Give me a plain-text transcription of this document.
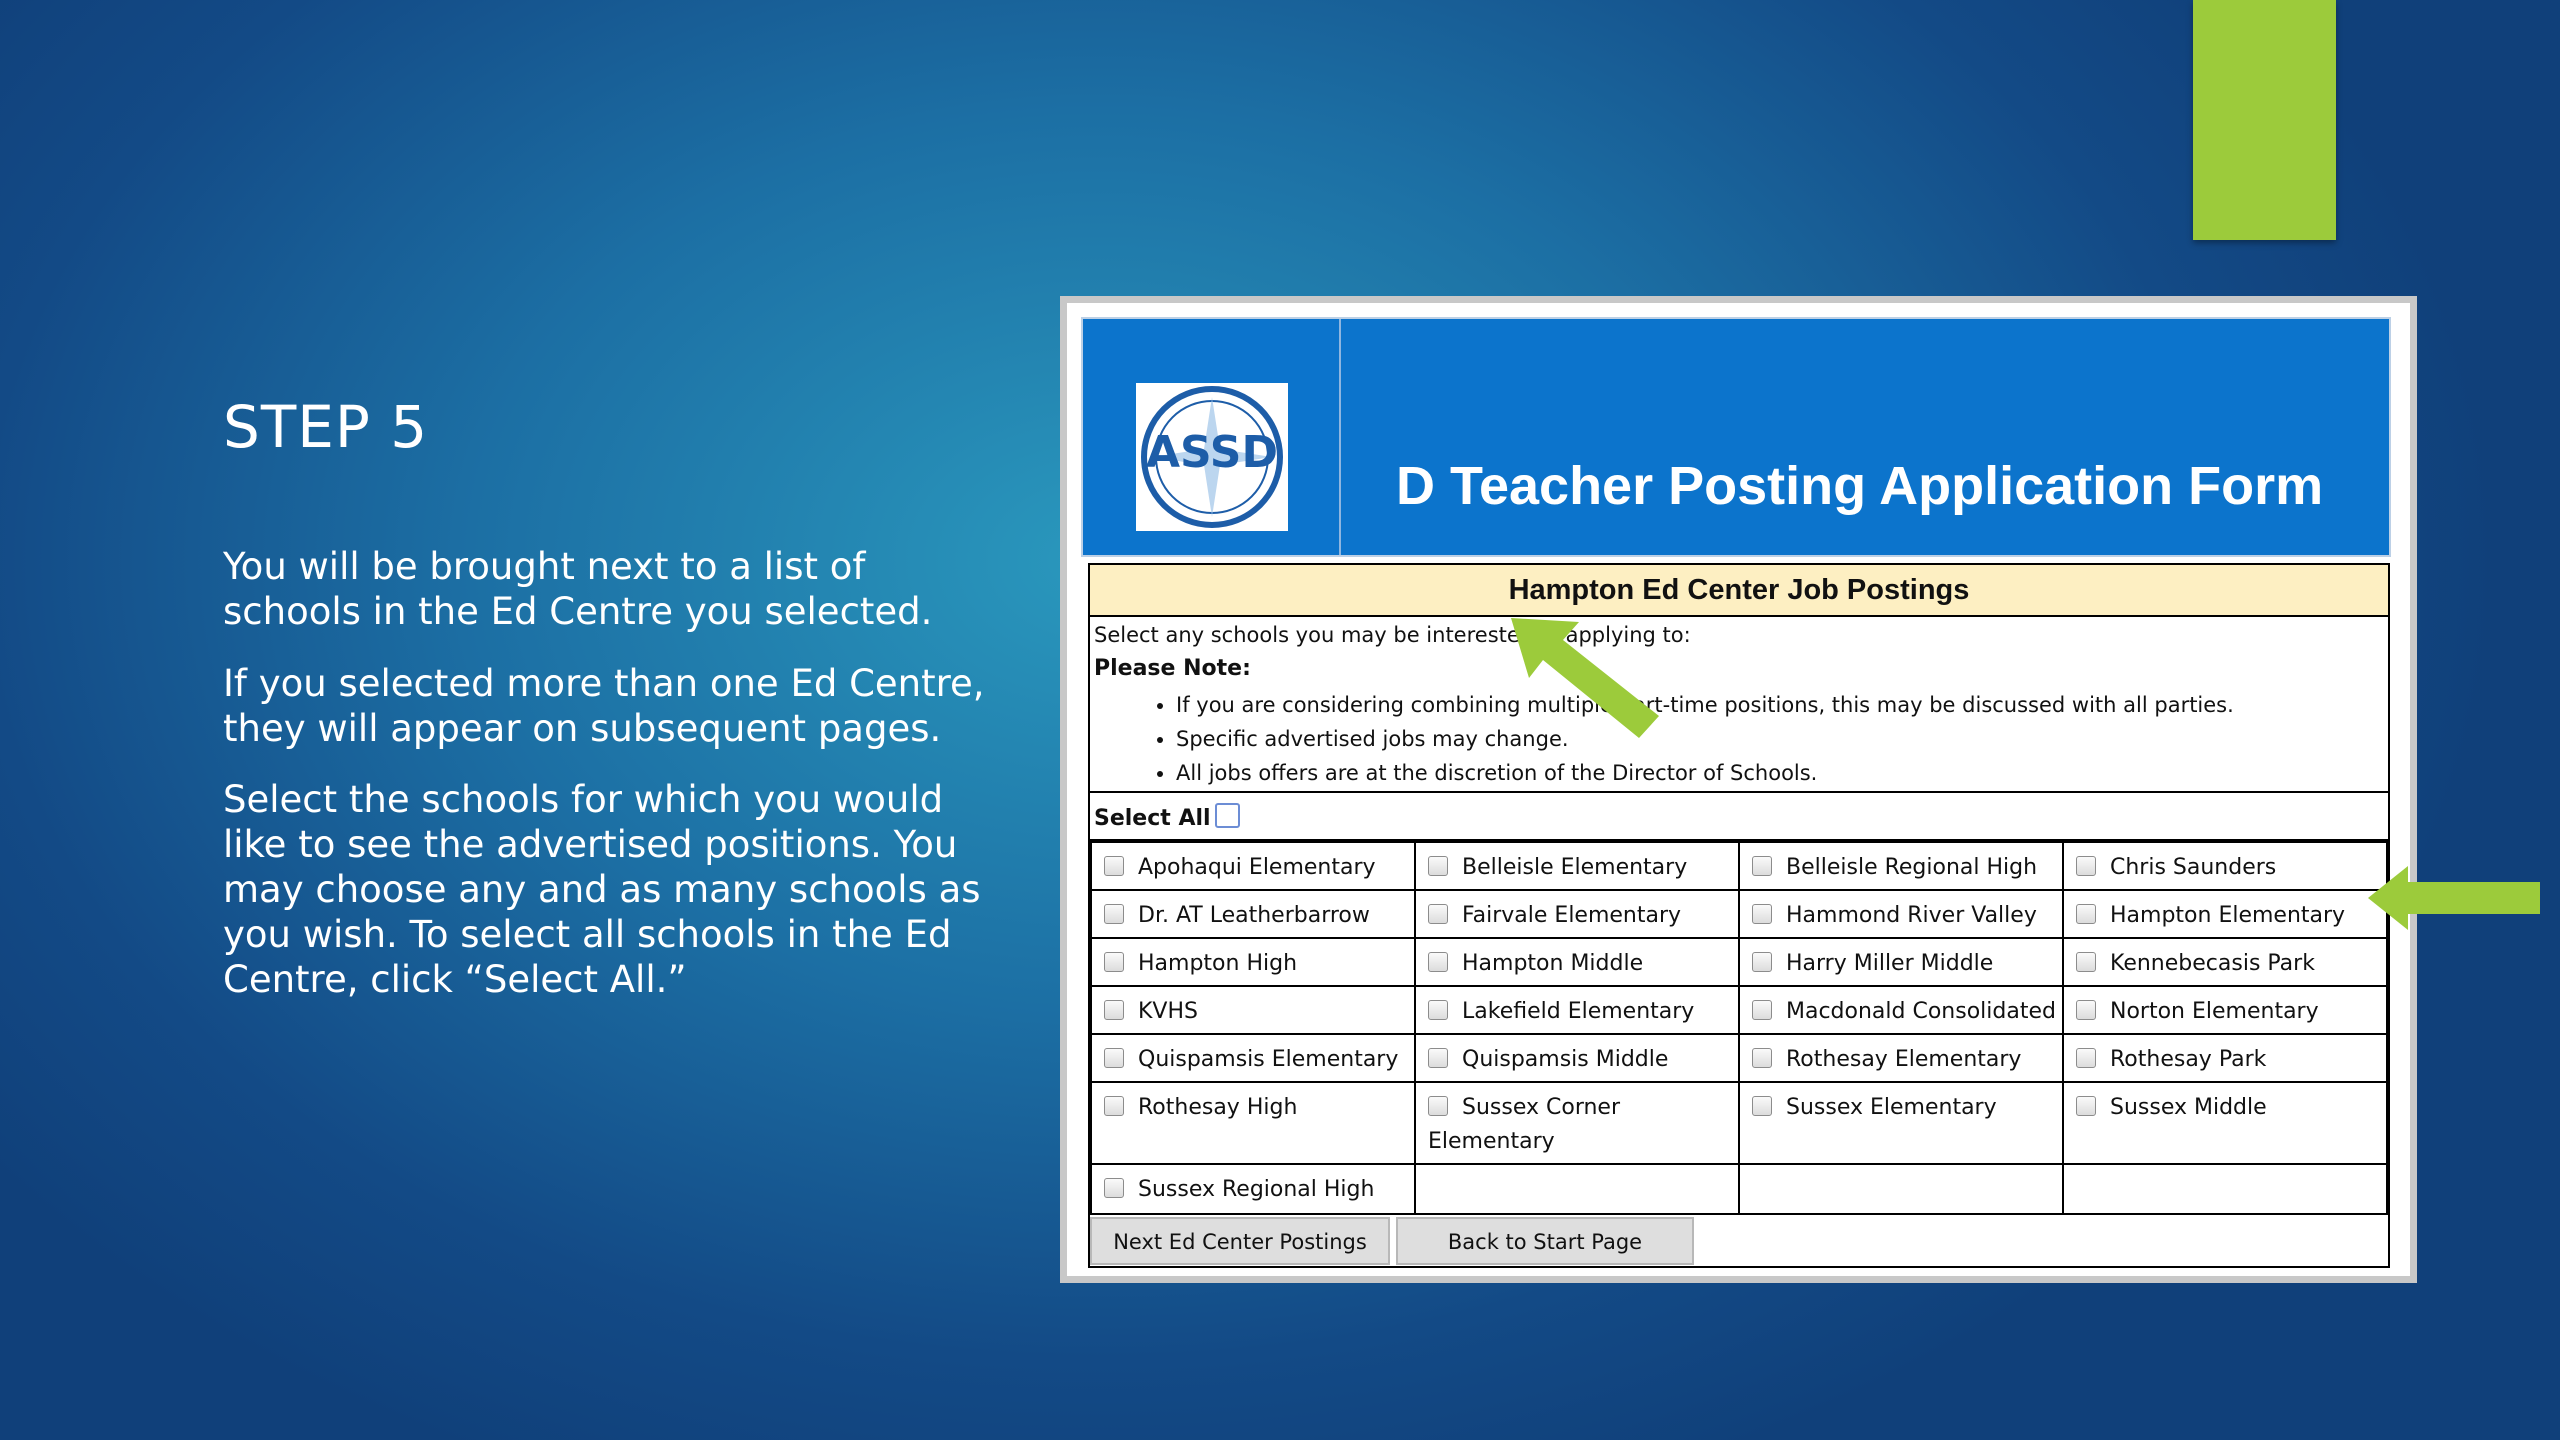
STEP 5

You will be brought next to a list of schools in the Ed Centre you selected.

If you selected more than one Ed Centre, they will appear on subsequent pages.

Select the schools for which you would like to see the advertised positions. You may choose any and as many schools as you wish. To select all schools in the Ed Centre, click “Select All.”

ASSD
D Teacher Posting Application Form
Hampton Ed Center Job Postings
Select any schools you may be interested in applying to:
Please Note:
• If you are considering combining multiple part-time positions, this may be discussed with all parties.
• Specific advertised jobs may change.
• All jobs offers are at the discretion of the Director of Schools.
Select All
Apohaqui Elementary	Belleisle Elementary	Belleisle Regional High	Chris Saunders
Dr. AT Leatherbarrow	Fairvale Elementary	Hammond River Valley	Hampton Elementary
Hampton High	Hampton Middle	Harry Miller Middle	Kennebecasis Park
KVHS	Lakefield Elementary	Macdonald Consolidated	Norton Elementary
Quispamsis Elementary	Quispamsis Middle	Rothesay Elementary	Rothesay Park
Rothesay High	Sussex Corner Elementary	Sussex Elementary	Sussex Middle
Sussex Regional High			
Next Ed Center Postings	Back to Start Page
